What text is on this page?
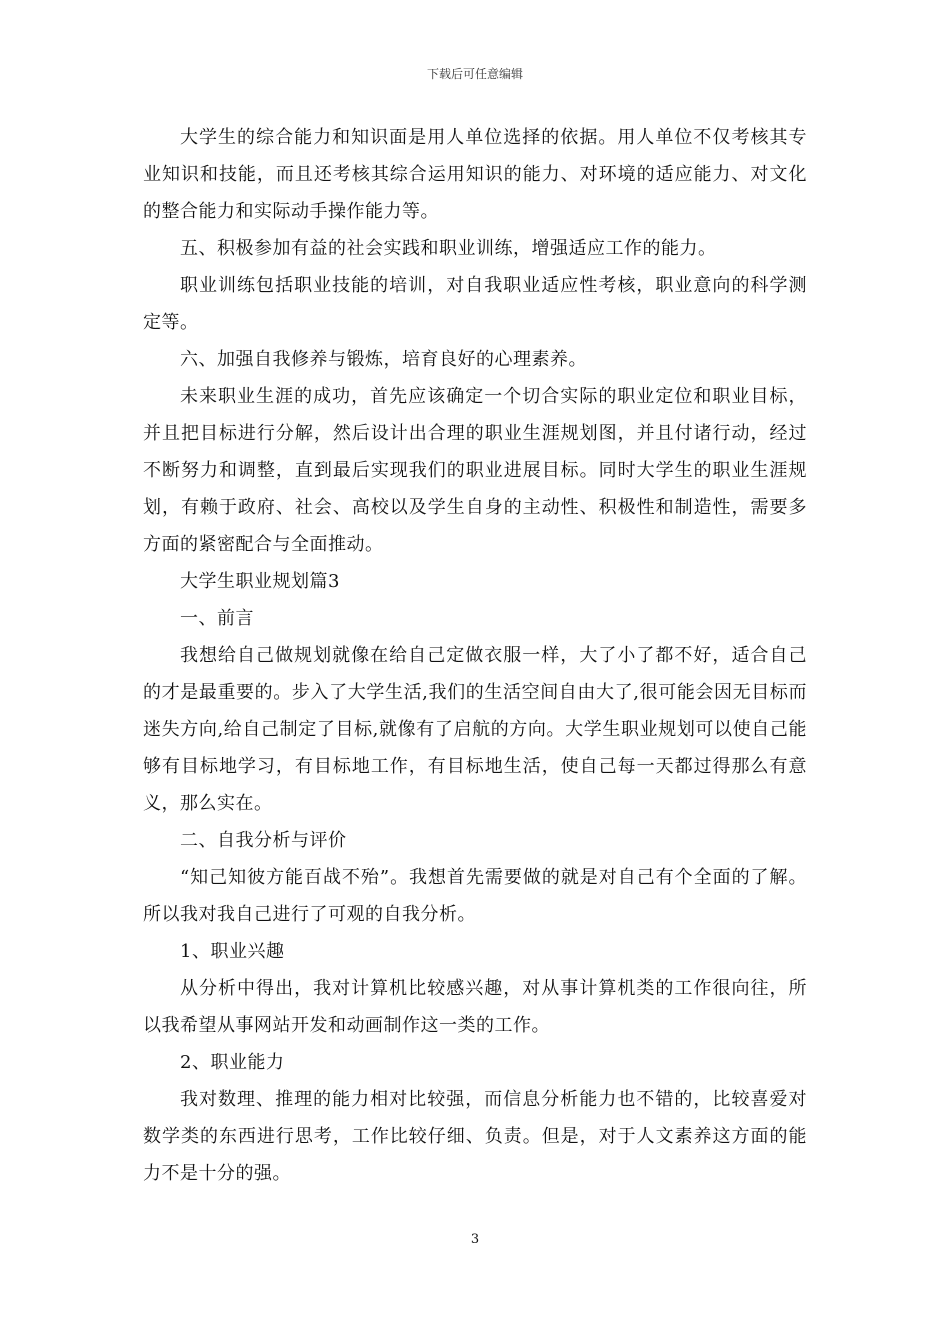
下载后可任意编辑

大学生的综合能力和知识面是用人单位选择的依据。用人单位不仅考核其专业知识和技能，而且还考核其综合运用知识的能力、对环境的适应能力、对文化的整合能力和实际动手操作能力等。

五、积极参加有益的社会实践和职业训练，增强适应工作的能力。

职业训练包括职业技能的培训，对自我职业适应性考核，职业意向的科学测定等。

六、加强自我修养与锻炼，培育良好的心理素养。

未来职业生涯的成功，首先应该确定一个切合实际的职业定位和职业目标，并且把目标进行分解，然后设计出合理的职业生涯规划图，并且付诸行动，经过不断努力和调整，直到最后实现我们的职业进展目标。同时大学生的职业生涯规划，有赖于政府、社会、高校以及学生自身的主动性、积极性和制造性，需要多方面的紧密配合与全面推动。

大学生职业规划篇3

一、前言

我想给自己做规划就像在给自己定做衣服一样，大了小了都不好，适合自己的才是最重要的。步入了大学生活,我们的生活空间自由大了,很可能会因无目标而迷失方向,给自己制定了目标,就像有了启航的方向。大学生职业规划可以使自己能够有目标地学习，有目标地工作，有目标地生活，使自己每一天都过得那么有意义，那么实在。

二、自我分析与评价

“知己知彼方能百战不殆”。我想首先需要做的就是对自己有个全面的了解。所以我对我自己进行了可观的自我分析。

1、职业兴趣

从分析中得出，我对计算机比较感兴趣，对从事计算机类的工作很向往，所以我希望从事网站开发和动画制作这一类的工作。

2、职业能力

我对数理、推理的能力相对比较强，而信息分析能力也不错的，比较喜爱对数学类的东西进行思考，工作比较仔细、负责。但是，对于人文素养这方面的能力不是十分的强。

3
